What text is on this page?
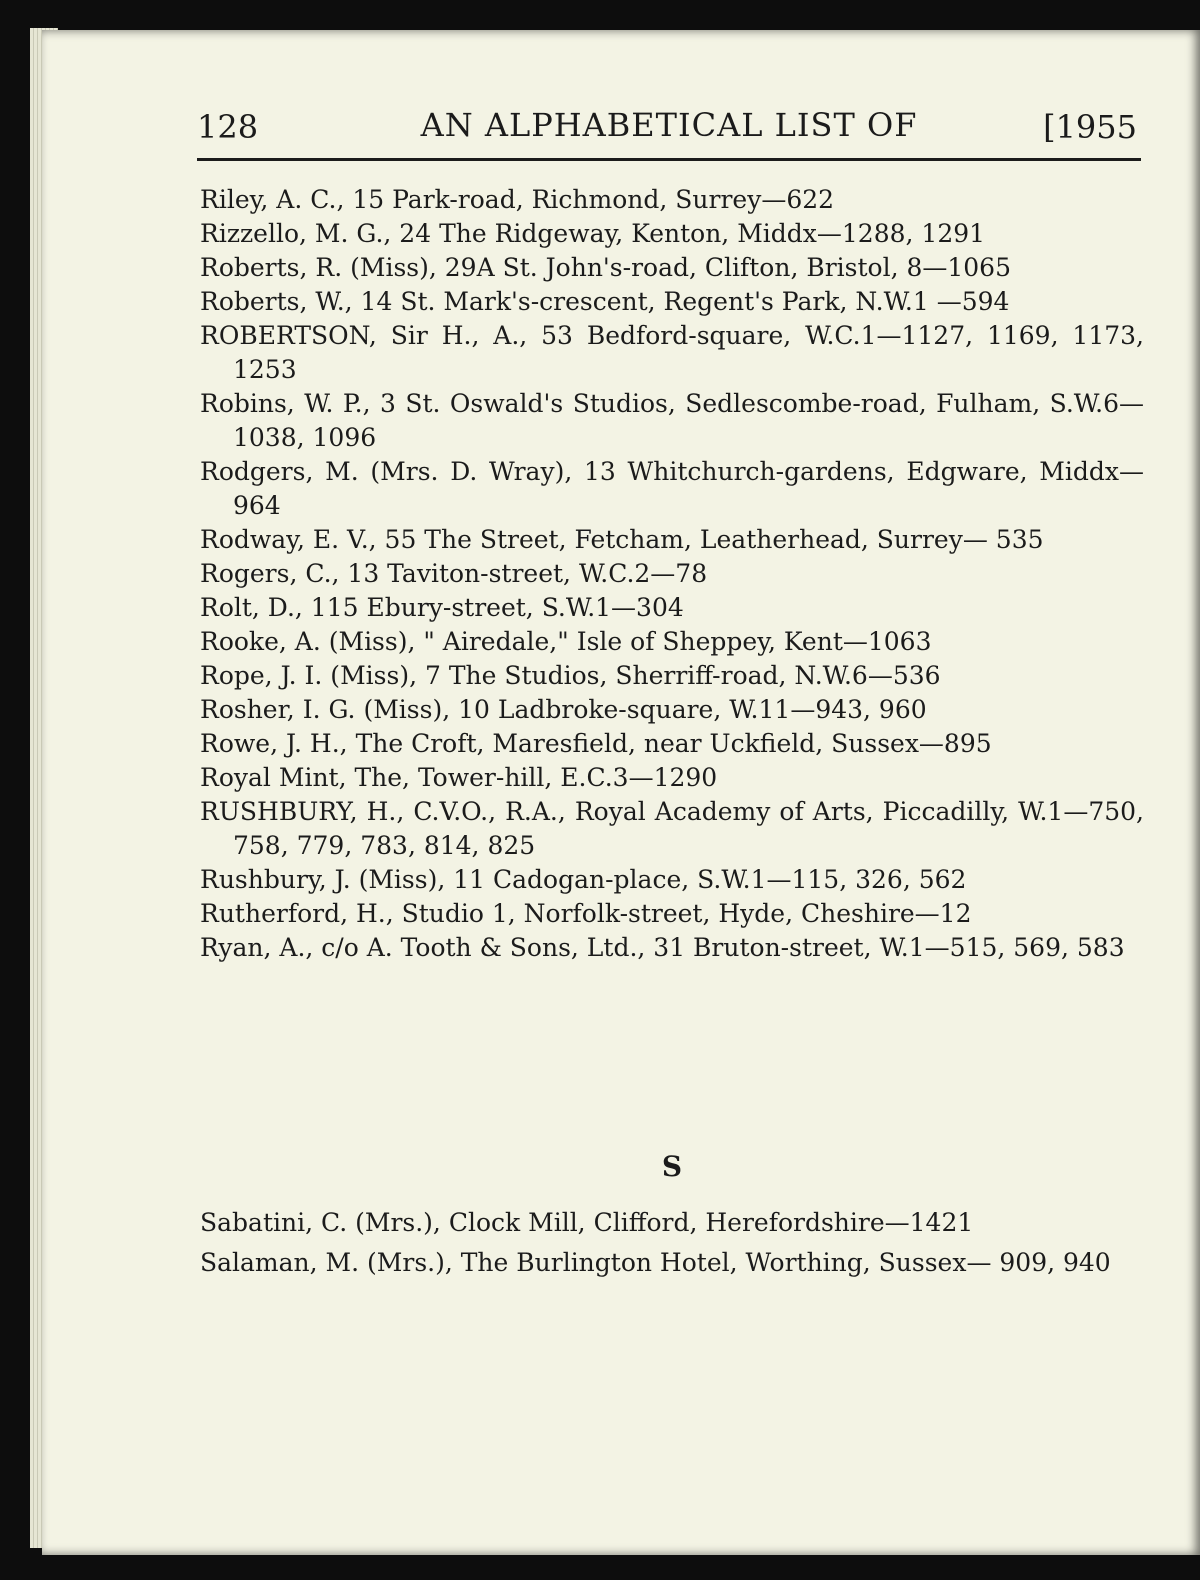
128	AN ALPHABETICAL LIST OF	[1955
Riley, A. C., 15 Park-road, Richmond, Surrey—622
Rizzello, M. G., 24 The Ridgeway, Kenton, Middx—1288, 1291
Roberts, R. (Miss), 29A St. John's-road, Clifton, Bristol, 8—1065
Roberts, W., 14 St. Mark's-crescent, Regent's Park, N.W.1 —594
ROBERTSON, Sir H., A., 53 Bedford-square, W.C.1—1127, 1169, 1173, 1253
Robins, W. P., 3 St. Oswald's Studios, Sedlescombe-road, Fulham, S.W.6—1038, 1096
Rodgers, M. (Mrs. D. Wray), 13 Whitchurch-gardens, Edgware, Middx—964
Rodway, E. V., 55 The Street, Fetcham, Leatherhead, Surrey— 535
Rogers, C., 13 Taviton-street, W.C.2—78
Rolt, D., 115 Ebury-street, S.W.1—304
Rooke, A. (Miss), " Airedale," Isle of Sheppey, Kent—1063
Rope, J. I. (Miss), 7 The Studios, Sherriff-road, N.W.6—536
Rosher, I. G. (Miss), 10 Ladbroke-square, W.11—943, 960
Rowe, J. H., The Croft, Maresfield, near Uckfield, Sussex—895
Royal Mint, The, Tower-hill, E.C.3—1290
RUSHBURY, H., C.V.O., R.A., Royal Academy of Arts, Piccadilly, W.1—750, 758, 779, 783, 814, 825
Rushbury, J. (Miss), 11 Cadogan-place, S.W.1—115, 326, 562
Rutherford, H., Studio 1, Norfolk-street, Hyde, Cheshire—12
Ryan, A., c/o A. Tooth & Sons, Ltd., 31 Bruton-street, W.1—515, 569, 583
S
Sabatini, C. (Mrs.), Clock Mill, Clifford, Herefordshire—1421
Salaman, M. (Mrs.), The Burlington Hotel, Worthing, Sussex— 909, 940
